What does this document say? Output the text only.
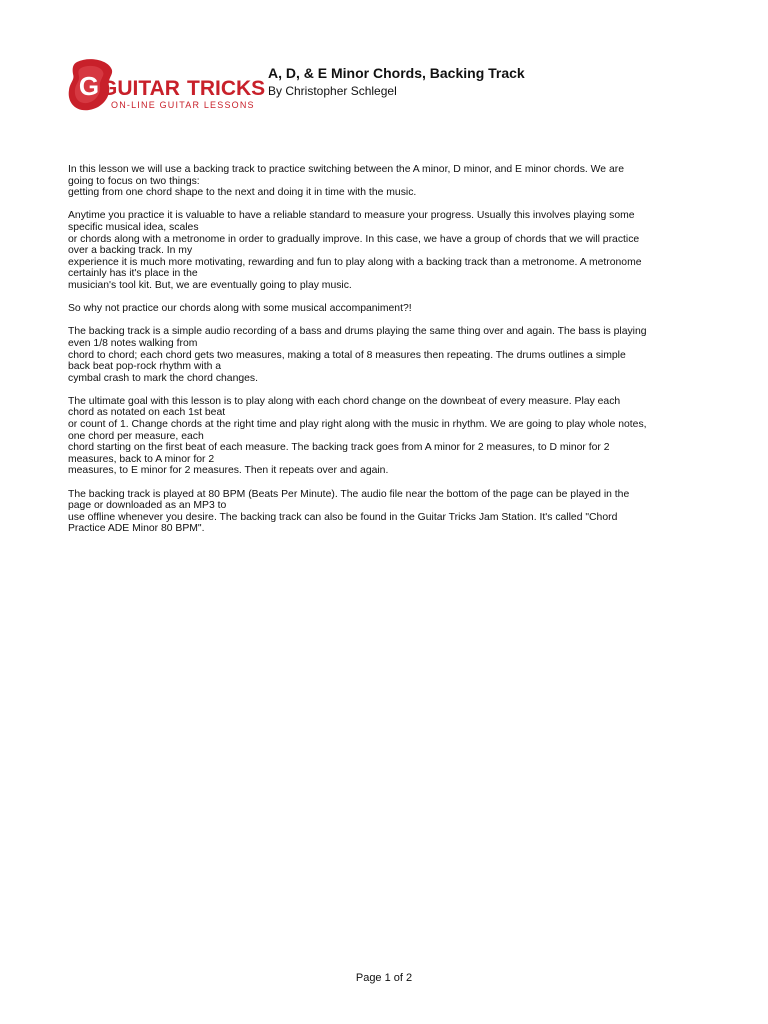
G GUITAR TRICKS
ON-LINE GUITAR LESSONS
A, D, & E Minor Chords, Backing Track
By Christopher Schlegel
In this lesson we will use a backing track to practice switching between the A minor, D minor, and E minor chords. We are
going to focus on two things:
getting from one chord shape to the next and doing it in time with the music.
Anytime you practice it is valuable to have a reliable standard to measure your progress. Usually this involves playing some
specific musical idea, scales
or chords along with a metronome in order to gradually improve. In this case, we have a group of chords that we will practice
over a backing track. In my
experience it is much more motivating, rewarding and fun to play along with a backing track than a metronome. A metronome
certainly has it's place in the
musician's tool kit. But, we are eventually going to play music.
So why not practice our chords along with some musical accompaniment?!
The backing track is a simple audio recording of a bass and drums playing the same thing over and again. The bass is playing
even 1/8 notes walking from
chord to chord; each chord gets two measures, making a total of 8 measures then repeating. The drums outlines a simple
back beat pop-rock rhythm with a
cymbal crash to mark the chord changes.
The ultimate goal with this lesson is to play along with each chord change on the downbeat of every measure. Play each
chord as notated on each 1st beat
or count of 1. Change chords at the right time and play right along with the music in rhythm. We are going to play whole notes,
one chord per measure, each
chord starting on the first beat of each measure. The backing track goes from A minor for 2 measures, to D minor for 2
measures, back to A minor for 2
measures, to E minor for 2 measures. Then it repeats over and again.
The backing track is played at 80 BPM (Beats Per Minute). The audio file near the bottom of the page can be played in the
page or downloaded as an MP3 to
use offline whenever you desire. The backing track can also be found in the Guitar Tricks Jam Station. It's called "Chord
Practice ADE Minor 80 BPM".
Page 1 of 2
